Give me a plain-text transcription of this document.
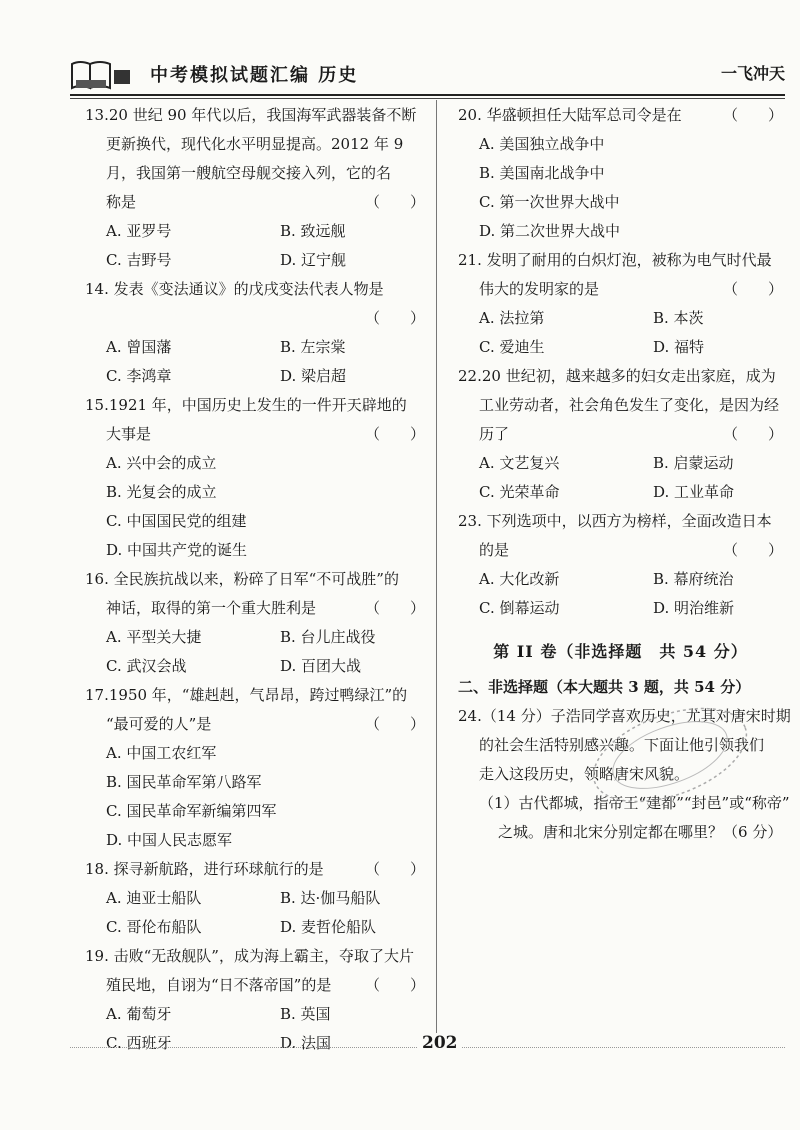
中考模拟试题汇编 历史	一飞冲天
13.20 世纪 90 年代以后，我国海军武器装备不断
更新换代，现代化水平明显提高。2012 年 9
月，我国第一艘航空母舰交接入列，它的名
称是	（　　）
A. 亚罗号	B. 致远舰
C. 吉野号	D. 辽宁舰
14. 发表《变法通议》的戊戌变法代表人物是
（　　）
A. 曾国藩	B. 左宗棠
C. 李鸿章	D. 梁启超
15.1921 年，中国历史上发生的一件开天辟地的
大事是	（　　）
A. 兴中会的成立
B. 光复会的成立
C. 中国国民党的组建
D. 中国共产党的诞生
16. 全民族抗战以来，粉碎了日军“不可战胜”的
神话，取得的第一个重大胜利是	（　　）
A. 平型关大捷	B. 台儿庄战役
C. 武汉会战	D. 百团大战
17.1950 年，“雄赳赳，气昂昂，跨过鸭绿江”的
“最可爱的人”是	（　　）
A. 中国工农红军
B. 国民革命军第八路军
C. 国民革命军新编第四军
D. 中国人民志愿军
18. 探寻新航路，进行环球航行的是	（　　）
A. 迪亚士船队	B. 达·伽马船队
C. 哥伦布船队	D. 麦哲伦船队
19. 击败“无敌舰队”，成为海上霸主，夺取了大片
殖民地，自诩为“日不落帝国”的是 （　　）
A. 葡萄牙	B. 英国
C. 西班牙	D. 法国
20. 华盛顿担任大陆军总司令是在	（　　）
A. 美国独立战争中
B. 美国南北战争中
C. 第一次世界大战中
D. 第二次世界大战中
21. 发明了耐用的白炽灯泡，被称为电气时代最
伟大的发明家的是	（　　）
A. 法拉第	B. 本茨
C. 爱迪生	D. 福特
22.20 世纪初，越来越多的妇女走出家庭，成为
工业劳动者，社会角色发生了变化，是因为经
历了	（　　）
A. 文艺复兴	B. 启蒙运动
C. 光荣革命	D. 工业革命
23. 下列选项中，以西方为榜样，全面改造日本
的是	（　　）
A. 大化改新	B. 幕府统治
C. 倒幕运动	D. 明治维新
第 II 卷（非选择题　共 54 分）
二、非选择题（本大题共 3 题，共 54 分）
24.（14 分）子浩同学喜欢历史，尤其对唐宋时期
的社会生活特别感兴趣。下面让他引领我们
走入这段历史，领略唐宋风貌。
（1）古代都城，指帝王“建都”“封邑”或“称帝”
之城。唐和北宋分别定都在哪里？（6 分）
202
